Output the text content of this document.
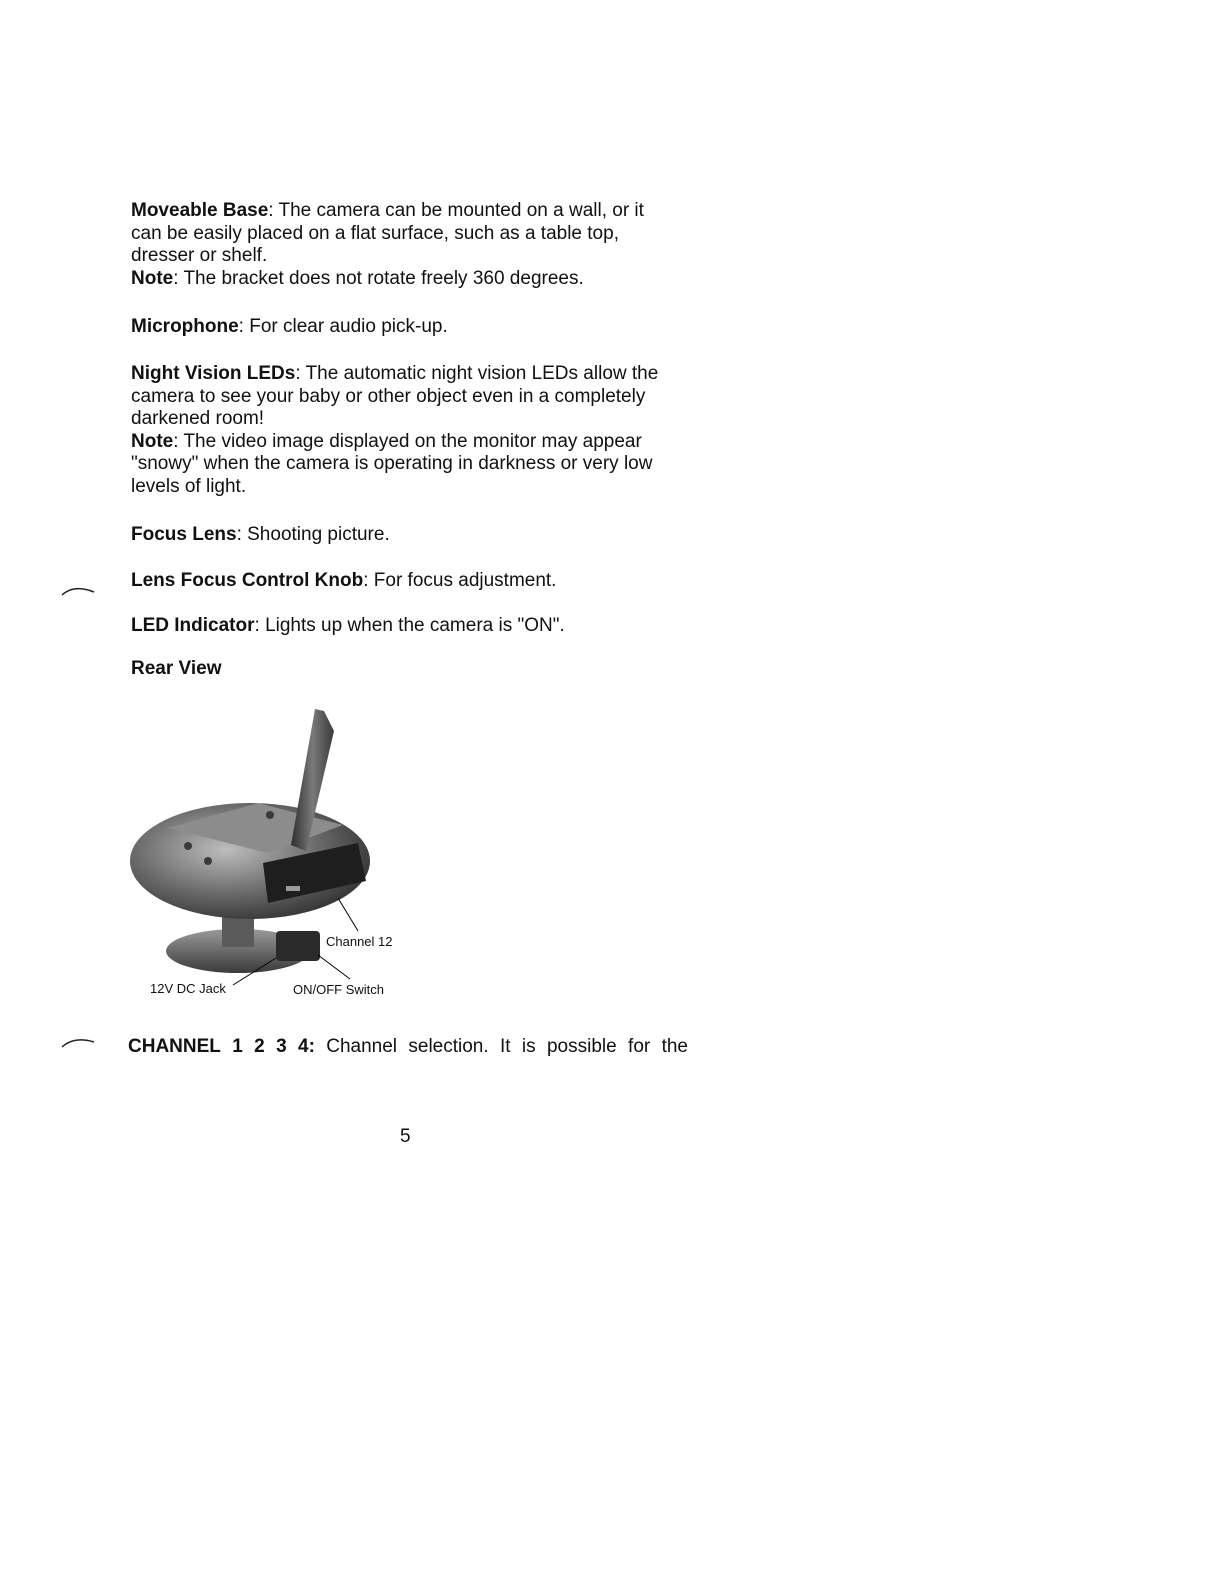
Moveable Base: The camera can be mounted on a wall, or it
can be easily placed on a flat surface, such as a table top,
dresser or shelf.
Note: The bracket does not rotate freely 360 degrees.
Microphone: For clear audio pick-up.
Night Vision LEDs: The automatic night vision LEDs allow the
camera to see your baby or other object even in a completely
darkened room!
Note: The video image displayed on the monitor may appear
"snowy" when the camera is operating in darkness or very low
levels of light.
Focus Lens: Shooting picture.
Lens Focus Control Knob: For focus adjustment.
LED Indicator: Lights up when the camera is "ON".
Rear View
Channel 12
12V DC Jack	ON/OFF Switch
CHANNEL 1 2 3 4: Channel selection. It is possible for the
5
